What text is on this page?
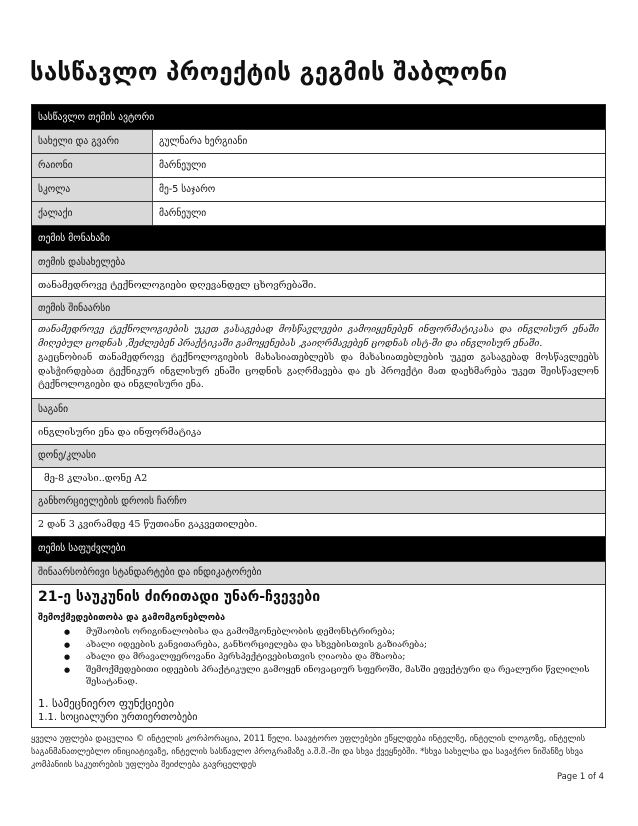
სასწავლო პროექტის გეგმის შაბლონი
სასწავლო თემის ავტორი
სახელი და გვარი	გულნარა ხერგიანი
რაიონი	მარნეული
სკოლა	მე-5 საჯარო
ქალაქი	მარნეული
თემის მონახაზი
თემის დასახელება
თანამედროვე ტექნოლოგიები დღევანდელ ცხოვრებაში.
თემის შინაარსი
თანამედროვე ტექნოლოგიების უკეთ გასაგებად მოსწავლეები გამოიყენებენ ინფორმატიკასა და ინგლისურ ენაში მიღებულ ცოდნას ,შეძლებენ პრაქტიკაში გამოყენებას ,გაიღრმავებენ ცოდნას ისტ-ში და ინგლისურ ენაში.
გაეცნობიან თანამედროვე ტექნოლოგიების მახასიათებლებს და მახასიათებლების უკეთ გასაგებად მოსწავლეებს დასჭირდებათ ტექნიკურ ინგლისურ ენაში ცოდნის გაღრმავება და ეს პროექტი მათ დაეხმარება უკეთ შეისწავლონ ტექნოლოგიები და ინგლისური ენა.
საგანი
ინგლისური ენა და ინფორმატიკა
დონე/კლასი
მე-8 კლასი..დონე A2
განხორციელების დროის ჩარჩო
2 დან 3 კვირამდე 45 წუთიანი გაკვეთილები.
თემის საფუძვლები
შინაარსობრივი სტანდარტები და ინდიკატორები
21-ე საუკუნის ძირითადი უნარ-ჩვევები
შემოქმედებითობა და გამომგონებლობა
● მუშაობის ორიგინალობისა და გამომგონებლობის დემონსტრირება;
● ახალი იდეების განვითარება, განხორციელება და სხვებისთვის გაზიარება;
● ახალი და მრავალფეროვანი პერსპექტივებისთვის ღიაობა და მზაობა;
● შემოქმედებითი იდეების პრაქტიკული გამოყენ ინოვაციურ სფეროში, მასში ეფექტური და რეალური წვლილის შესატანად.
1. სამეცნიერო ფუნქციები
1.1. სოციალური ურთიერთობები
ყველა უფლება დაცულია © ინტელის კორპორაცია, 2011 წელი. საავტორო უფლებები ეწყლდება ინტელზე, ინტელის ლოგოზე, ინტელის საგანმანათლებლო ინიციატივაზე, ინტელის სასწავლო პროგრამაზე ა.შ.შ.-ში და სხვა ქვეყნებში. *სხვა სახელსა და სავაჭრო ნიშანზე სხვა კომპანიის საკუთრების უფლება შეიძლება გავრცელდეს
Page 1 of 4
